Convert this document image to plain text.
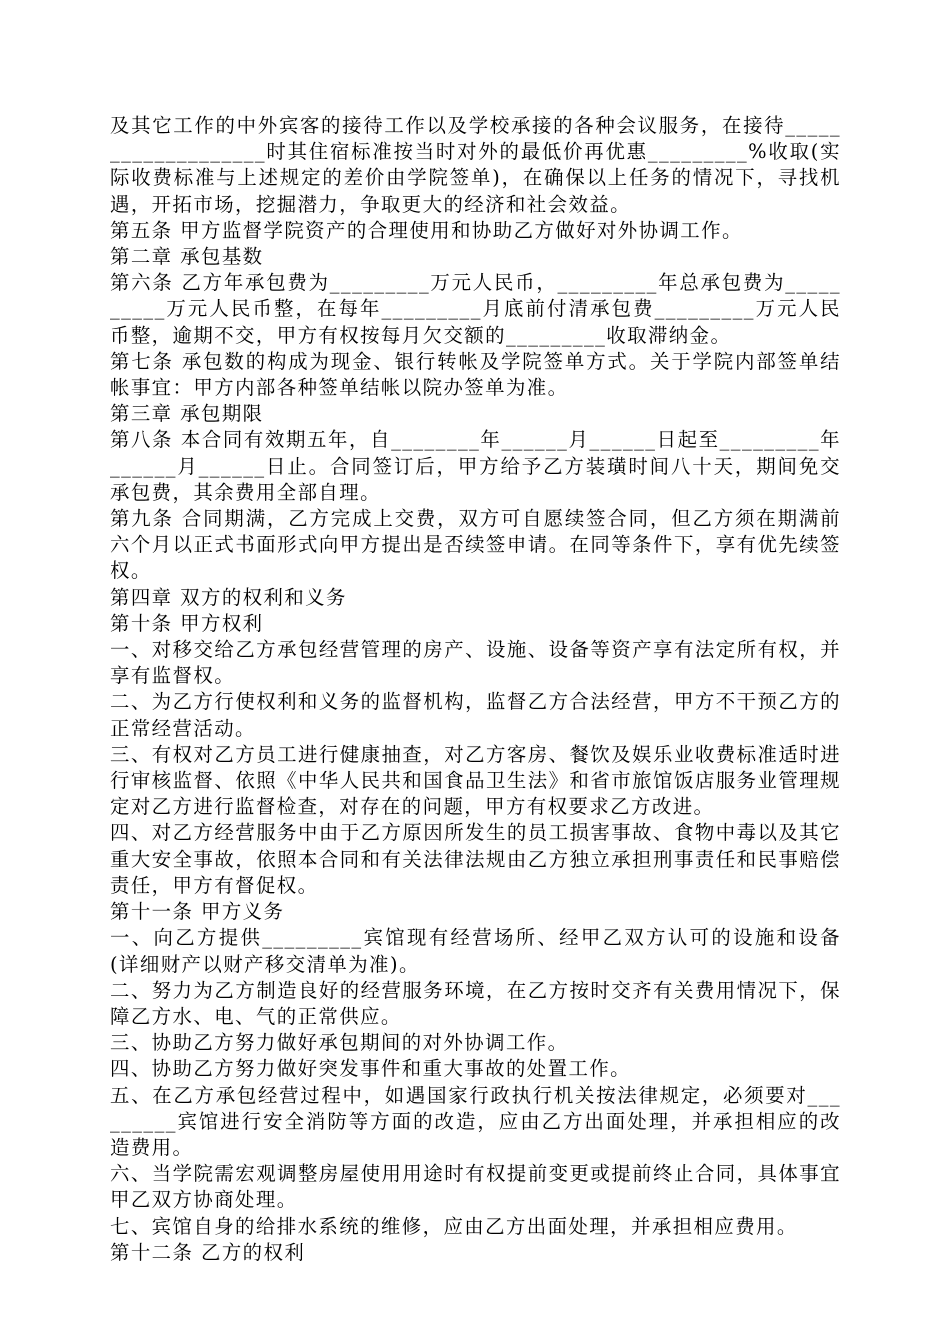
及其它工作的中外宾客的接待工作以及学校承接的各种会议服务，在接待___________________时其住宿标准按当时对外的最低价再优惠_________%收取(实际收费标准与上述规定的差价由学院签单)，在确保以上任务的情况下，寻找机遇，开拓市场，挖掘潜力，争取更大的经济和社会效益。

第五条 甲方监督学院资产的合理使用和协助乙方做好对外协调工作。

第二章 承包基数

第六条 乙方年承包费为_________万元人民币，_________年总承包费为__________万元人民币整，在每年_________月底前付清承包费_________万元人民币整，逾期不交，甲方有权按每月欠交额的_________收取滞纳金。

第七条 承包数的构成为现金、银行转帐及学院签单方式。关于学院内部签单结帐事宜：甲方内部各种签单结帐以院办签单为准。

第三章 承包期限

第八条 本合同有效期五年，自________年______月______日起至_________年______月______日止。合同签订后，甲方给予乙方装璜时间八十天，期间免交承包费，其余费用全部自理。

第九条 合同期满，乙方完成上交费，双方可自愿续签合同，但乙方须在期满前六个月以正式书面形式向甲方提出是否续签申请。在同等条件下，享有优先续签权。

第四章 双方的权利和义务

第十条 甲方权利

一、对移交给乙方承包经营管理的房产、设施、设备等资产享有法定所有权，并享有监督权。

二、为乙方行使权利和义务的监督机构，监督乙方合法经营，甲方不干预乙方的正常经营活动。

三、有权对乙方员工进行健康抽查，对乙方客房、餐饮及娱乐业收费标准适时进行审核监督、依照《中华人民共和国食品卫生法》和省市旅馆饭店服务业管理规定对乙方进行监督检查，对存在的问题，甲方有权要求乙方改进。

四、对乙方经营服务中由于乙方原因所发生的员工损害事故、食物中毒以及其它重大安全事故，依照本合同和有关法律法规由乙方独立承担刑事责任和民事赔偿责任，甲方有督促权。

第十一条 甲方义务

一、向乙方提供_________宾馆现有经营场所、经甲乙双方认可的设施和设备(详细财产以财产移交清单为准)。

二、努力为乙方制造良好的经营服务环境，在乙方按时交齐有关费用情况下，保障乙方水、电、气的正常供应。

三、协助乙方努力做好承包期间的对外协调工作。

四、协助乙方努力做好突发事件和重大事故的处置工作。

五、在乙方承包经营过程中，如遇国家行政执行机关按法律规定，必须要对_________宾馆进行安全消防等方面的改造，应由乙方出面处理，并承担相应的改造费用。

六、当学院需宏观调整房屋使用用途时有权提前变更或提前终止合同，具体事宜甲乙双方协商处理。

七、宾馆自身的给排水系统的维修，应由乙方出面处理，并承担相应费用。

第十二条 乙方的权利
